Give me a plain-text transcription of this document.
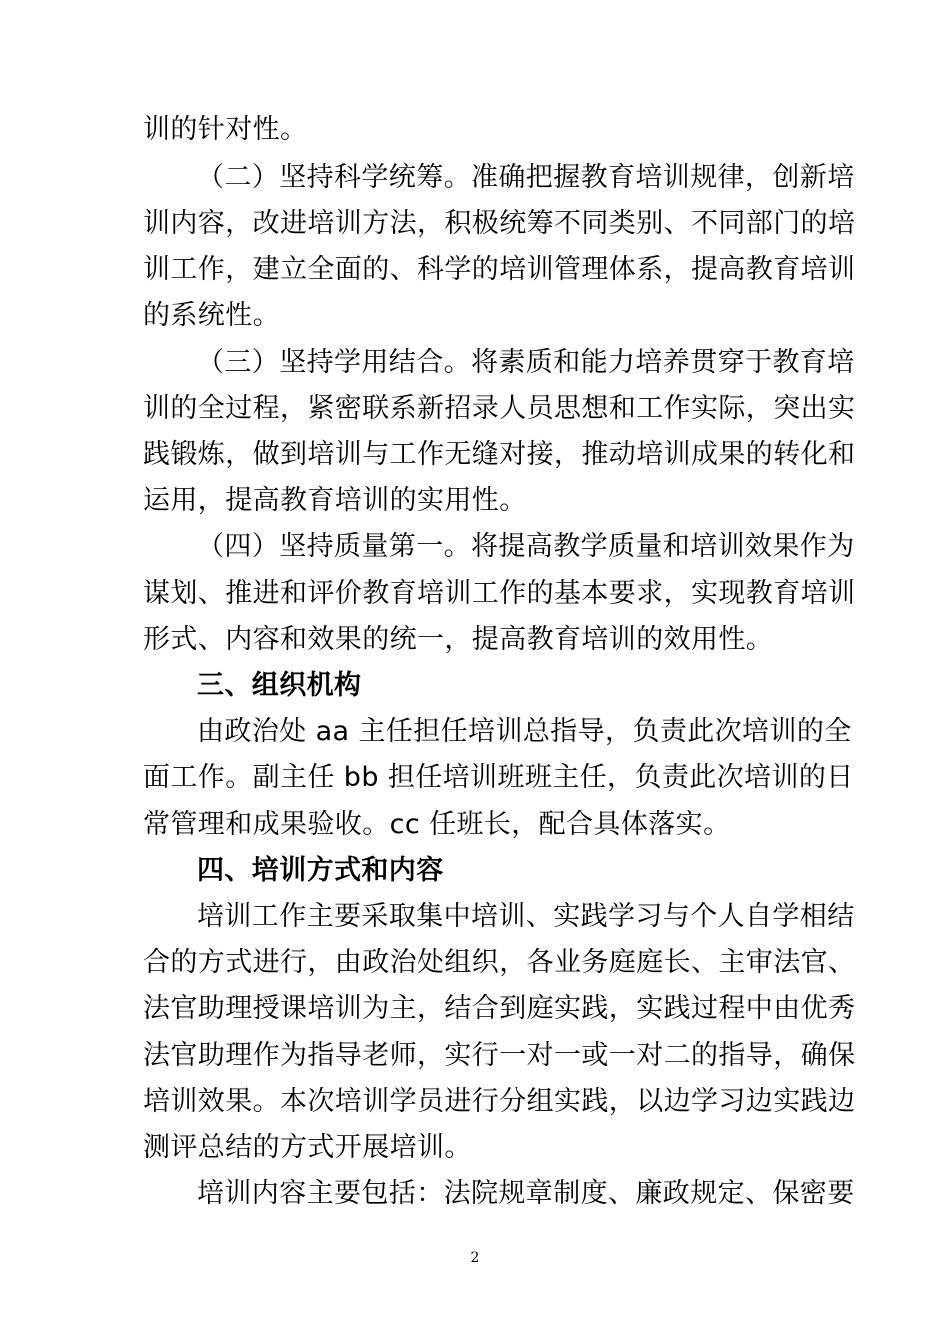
训的针对性。
（二）坚持科学统筹。准确把握教育培训规律，创新培
训内容，改进培训方法，积极统筹不同类别、不同部门的培
训工作，建立全面的、科学的培训管理体系，提高教育培训
的系统性。
（三）坚持学用结合。将素质和能力培养贯穿于教育培
训的全过程，紧密联系新招录人员思想和工作实际，突出实
践锻炼，做到培训与工作无缝对接，推动培训成果的转化和
运用，提高教育培训的实用性。
（四）坚持质量第一。将提高教学质量和培训效果作为
谋划、推进和评价教育培训工作的基本要求，实现教育培训
形式、内容和效果的统一，提高教育培训的效用性。
三、组织机构
由政治处 aa 主任担任培训总指导，负责此次培训的全
面工作。副主任 bb 担任培训班班主任，负责此次培训的日
常管理和成果验收。cc 任班长，配合具体落实。
四、培训方式和内容
培训工作主要采取集中培训、实践学习与个人自学相结
合的方式进行，由政治处组织，各业务庭庭长、主审法官、
法官助理授课培训为主，结合到庭实践，实践过程中由优秀
法官助理作为指导老师，实行一对一或一对二的指导，确保
培训效果。本次培训学员进行分组实践，以边学习边实践边
测评总结的方式开展培训。
培训内容主要包括：法院规章制度、廉政规定、保密要
2
